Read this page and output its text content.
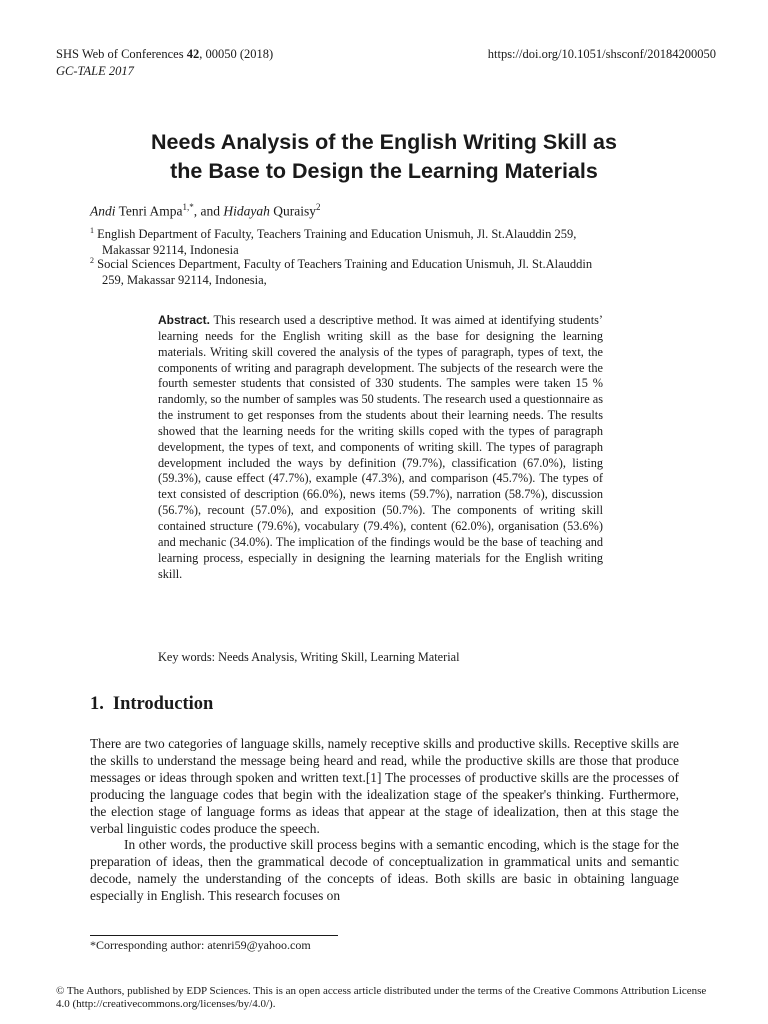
SHS Web of Conferences 42, 00050 (2018)
GC-TALE 2017
https://doi.org/10.1051/shsconf/20184200050
Needs Analysis of the English Writing Skill as
the Base to Design the Learning Materials
Andi Tenri Ampa$^{1,*}$, and Hidayah Quraisy$^2$
$^1$ English Department of Faculty, Teachers Training and Education Unismuh, Jl. St.Alauddin 259,
Makassar 92114, Indonesia
$^2$ Social Sciences Department, Faculty of Teachers Training and Education Unismuh, Jl. St.Alauddin
259, Makassar 92114, Indonesia,
Abstract. This research used a descriptive method. It was aimed at identifying students’ learning needs for the English writing skill as the base for designing the learning materials. Writing skill covered the analysis of the types of paragraph, types of text, the components of writing and paragraph development. The subjects of the research were the fourth semester students that consisted of 330 students. The samples were taken 15 % randomly, so the number of samples was 50 students. The research used a questionnaire as the instrument to get responses from the students about their learning needs. The results showed that the learning needs for the writing skills coped with the types of paragraph development, the types of text, and components of writing skill. The types of paragraph development included the ways by definition (79.7%), classification (67.0%), listing (59.3%), cause effect (47.7%), example (47.3%), and comparison (45.7%). The types of text consisted of description (66.0%), news items (59.7%), narration (58.7%), discussion (56.7%), recount (57.0%), and exposition (50.7%). The components of writing skill contained structure (79.6%), vocabulary (79.4%), content (62.0%), organisation (53.6%) and mechanic (34.0%). The implication of the findings would be the base of teaching and learning process, especially in designing the learning materials for the English writing skill.
Key words: Needs Analysis, Writing Skill, Learning Material
1. Introduction

There are two categories of language skills, namely receptive skills and productive skills. Receptive skills are the skills to understand the message being heard and read, while the productive skills are those that produce messages or ideas through spoken and written text.[1] The processes of productive skills are the processes of producing the language codes that begin with the idealization stage of the speaker's thinking. Furthermore, the election stage of language forms as ideas that appear at the stage of idealization, then at this stage the verbal linguistic codes produce the speech.

In other words, the productive skill process begins with a semantic encoding, which is the stage for the preparation of ideas, then the grammatical decode of conceptualization in grammatical units and semantic decode, namely the understanding of the concepts of ideas. Both skills are basic in obtaining language especially in English. This research focuses on

*Corresponding author: atenri59@yahoo.com
© The Authors, published by EDP Sciences. This is an open access article distributed under the terms of the Creative Commons Attribution License 4.0 (http://creativecommons.org/licenses/by/4.0/).
